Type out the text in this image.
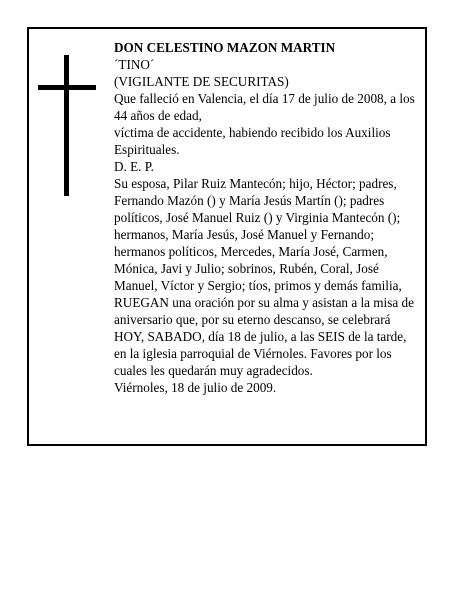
DON CELESTINO MAZON MARTIN

´TINO´

(VIGILANTE DE SECURITAS)

Que falleció en Valencia, el día 17 de julio de 2008, a los 44 años de edad,

víctima de accidente, habiendo recibido los Auxilios Espirituales.

D. E. P.

Su esposa, Pilar Ruiz Mantecón; hijo, Héctor; padres, Fernando Mazón () y María Jesús Martín (); padres políticos, José Manuel Ruiz () y Virginia Mantecón (); hermanos, María Jesús, José Manuel y Fernando; hermanos políticos, Mercedes, María José, Carmen, Mónica, Javi y Julio; sobrinos, Rubén, Coral, José Manuel, Víctor y Sergio; tíos, primos y demás familia, RUEGAN una oración por su alma y asistan a la misa de aniversario que, por su eterno descanso, se celebrará HOY, SABADO, día 18 de julio, a las SEIS de la tarde, en la iglesia parroquial de Viérnoles. Favores por los cuales les quedarán muy agradecidos.

Viérnoles, 18 de julio de 2009.
